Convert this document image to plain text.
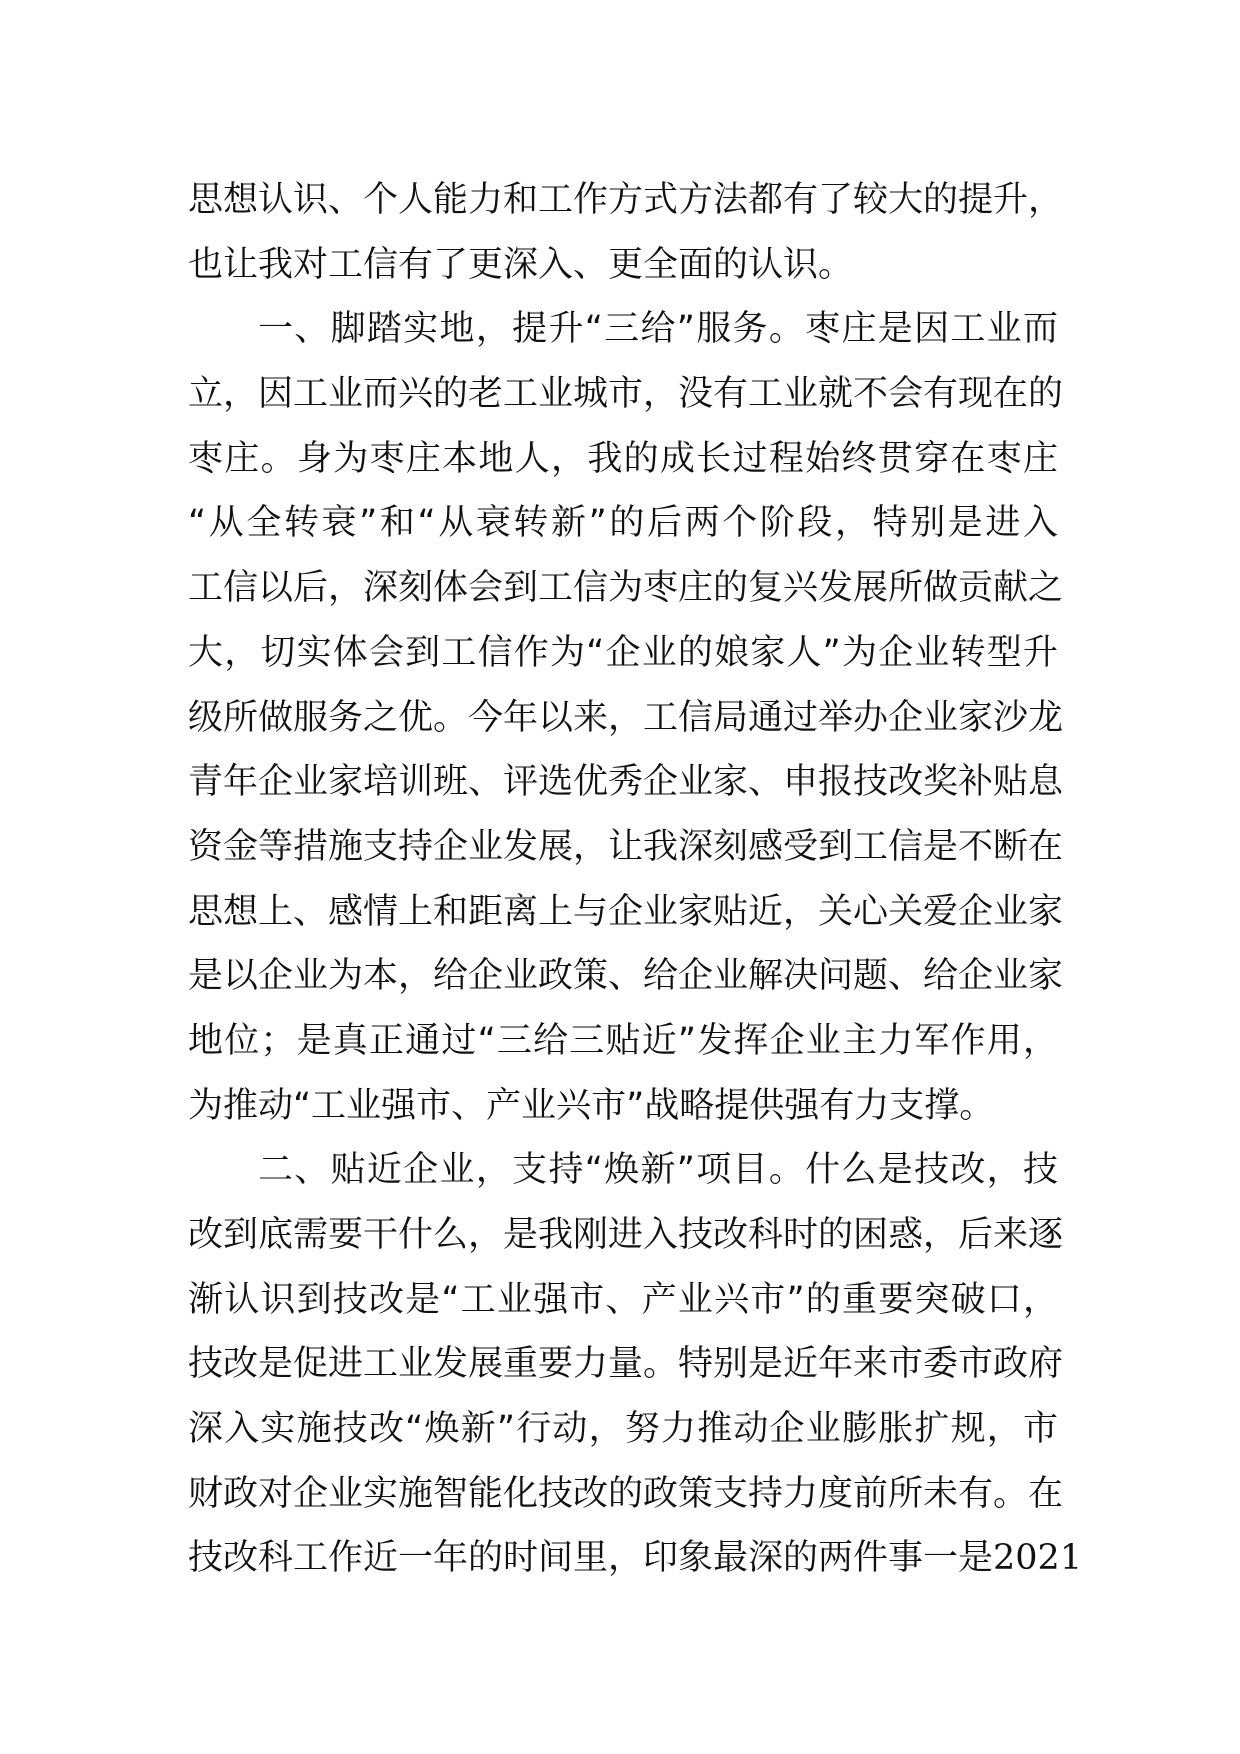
思想认识、个人能力和工作方式方法都有了较大的提升，
也让我对工信有了更深入、更全面的认识。
一、脚踏实地，提升“三给”服务。枣庄是因工业而
立，因工业而兴的老工业城市，没有工业就不会有现在的
枣庄。身为枣庄本地人，我的成长过程始终贯穿在枣庄
“从全转衰”和“从衰转新”的后两个阶段，特别是进入
工信以后，深刻体会到工信为枣庄的复兴发展所做贡献之
大，切实体会到工信作为“企业的娘家人”为企业转型升
级所做服务之优。今年以来，工信局通过举办企业家沙龙
青年企业家培训班、评选优秀企业家、申报技改奖补贴息
资金等措施支持企业发展，让我深刻感受到工信是不断在
思想上、感情上和距离上与企业家贴近，关心关爱企业家
是以企业为本，给企业政策、给企业解决问题、给企业家
地位；是真正通过“三给三贴近”发挥企业主力军作用，
为推动“工业强市、产业兴市”战略提供强有力支撑。
二、贴近企业，支持“焕新”项目。什么是技改，技
改到底需要干什么，是我刚进入技改科时的困惑，后来逐
渐认识到技改是“工业强市、产业兴市”的重要突破口，
技改是促进工业发展重要力量。特别是近年来市委市政府
深入实施技改“焕新”行动，努力推动企业膨胀扩规，市
财政对企业实施智能化技改的政策支持力度前所未有。在
技改科工作近一年的时间里，印象最深的两件事一是2021
